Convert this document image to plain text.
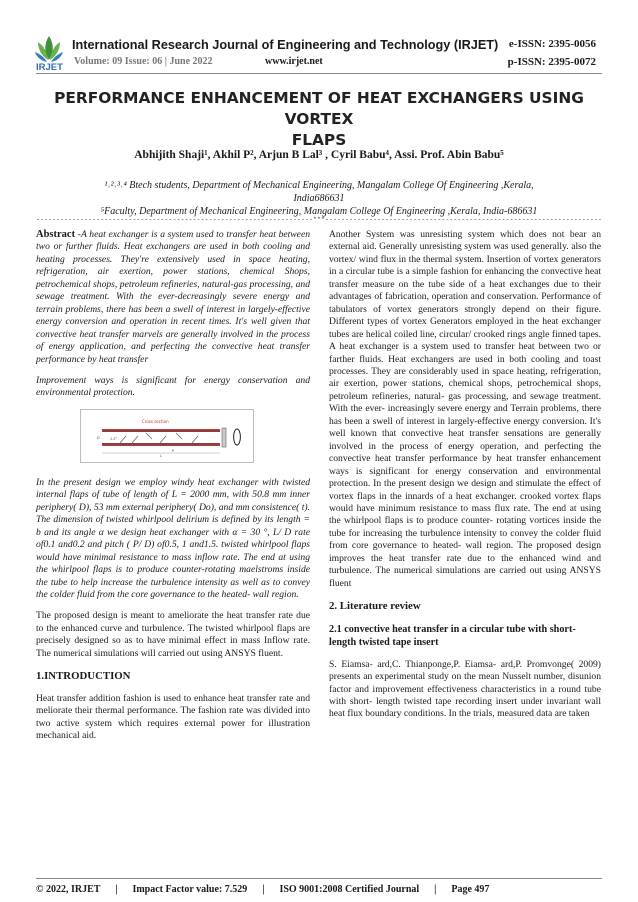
IRJET
International Research Journal of Engineering and Technology (IRJET)
Volume: 09 Issue: 06 | June 2022	www.irjet.net
e-ISSN: 2395-0056
p-ISSN: 2395-0072
PERFORMANCE ENHANCEMENT OF HEAT EXCHANGERS USING VORTEX
FLAPS
Abhijith Shaji¹, Akhil P², Arjun B Lal³ , Cyril Babu⁴, Assi. Prof. Abin Babu⁵
¹˒²˒³˒⁴ Btech students, Department of Mechanical Engineering, Mangalam College Of Engineering ,Kerala,
India686631
⁵Faculty, Department of Mechanical Engineering, Mangalam College Of Engineering ,Kerala, India-686631
---------------------------------------------------------------------***---------------------------------------------------------------------

Abstract -A heat exchanger is a system used to transfer heat between two or further fluids. Heat exchangers are used in both cooling and heating processes. They're extensively used in space heating, refrigeration, air exertion, power stations, chemical Shops, petrochemical shops, petroleum refineries, natural-gas processing, and sewage treatment. With the ever-decreasingly severe energy and terrain problems, there has been a swell of interest in largely-effective energy conversion and operation in recent times. It's well given that convective heat transfer marvels are generally involved in the process of energy application, and perfecting the convective heat transfer performance by heat transfer

Improvement ways is significant for energy conservation and environmental protection.

1.2°
P
L
D
Cross section

In the present design we employ windy heat exchanger with twisted internal flaps of tube of length of L = 2000 mm, with 50.8 mm inner periphery( D), 53 mm external periphery( Do), and mm consistence( t). The dimension of twisted whirlpool delirium is defined by its length = b and its angle α we design heat exchanger with α = 30 °, L/ D rate of0.1 and0.2 and pitch ( P/ D) of0.5, 1 and1.5. twisted whirlpool flaps would have minimal resistance to mass inflow rate. The end at using the whirlpool flaps is to produce counter-rotating maelstroms inside the tube to help increase the turbulence intensity as well as to convey the colder fluid from the core governance to the heated- wall region.

The proposed design is meant to ameliorate the heat transfer rate due to the enhanced curve and turbulence. The twisted whirlpool flaps are precisely designed so as to have minimal effect in mass Inflow rate. The numerical simulations will carried out using ANSYS fluent.

1.INTRODUCTION

Heat transfer addition fashion is used to enhance heat transfer rate and meliorate their thermal performance. The fashion rate was divided into two active system which requires external power for illustration mechanical aid.

Another System was unresisting system which does not bear an external aid. Generally unresisting system was used generally. also the vortex/ wind flux in the thermal system. Insertion of vortex generators in a circular tube is a simple fashion for enhancing the convective heat transfer measure on the tube side of a heat exchanges due to their advantages of fabrication, operation and conservation. Performance of tabulators of vortex generators strongly depend on their figure. Different types of vortex Generators employed in the heat exchanger tubes are helical coiled line, circular/ crooked rings angle finned tapes. A heat exchanger is a system used to transfer heat between two or farther fluids. Heat exchangers are used in both cooling and toast processes. They are considerably used in space heating, refrigeration, air exertion, power stations, chemical shops, petrochemical shops, petroleum refineries, natural- gas processing, and sewage treatment. With the ever- increasingly severe energy and Terrain problems, there has been a swell of interest in largely-effective energy conversion. It's well known that convective heat transfer sensations are generally involved in the process of energy operation, and perfecting the convective heat transfer performance by heat transfer enhancement ways is significant for energy conservation and environmental protection. In the present design we design and stimulate the effect of vortex flaps in the innards of a heat exchanger. crooked vortex flaps would have minimum resistance to mass flux rate. The end at using the whirlpool flaps is to produce counter- rotating vortices inside the tube for increasing the turbulence intensity to convey the colder fluid from core governance to heated- wall region. The proposed design improves the heat transfer rate due to the enhanced wind and turbulence. The numerical simulations are carried out using ANSYS fluent

2. Literature review
2.1 convective heat transfer in a circular tube with short-length twisted tape insert

S. Eiamsa- ard,C. Thianponge,P. Eiamsa- ard,P. Promvonge( 2009) presents an experimental study on the mean Nusselt number, disunion factor and improvement effectiveness characteristics in a round tube with short- length twisted tape recording insert under invariant wall heat flux boundary conditions. In the trials, measured data are taken

© 2022, IRJET      |      Impact Factor value: 7.529      |      ISO 9001:2008 Certified Journal      |      Page 497
